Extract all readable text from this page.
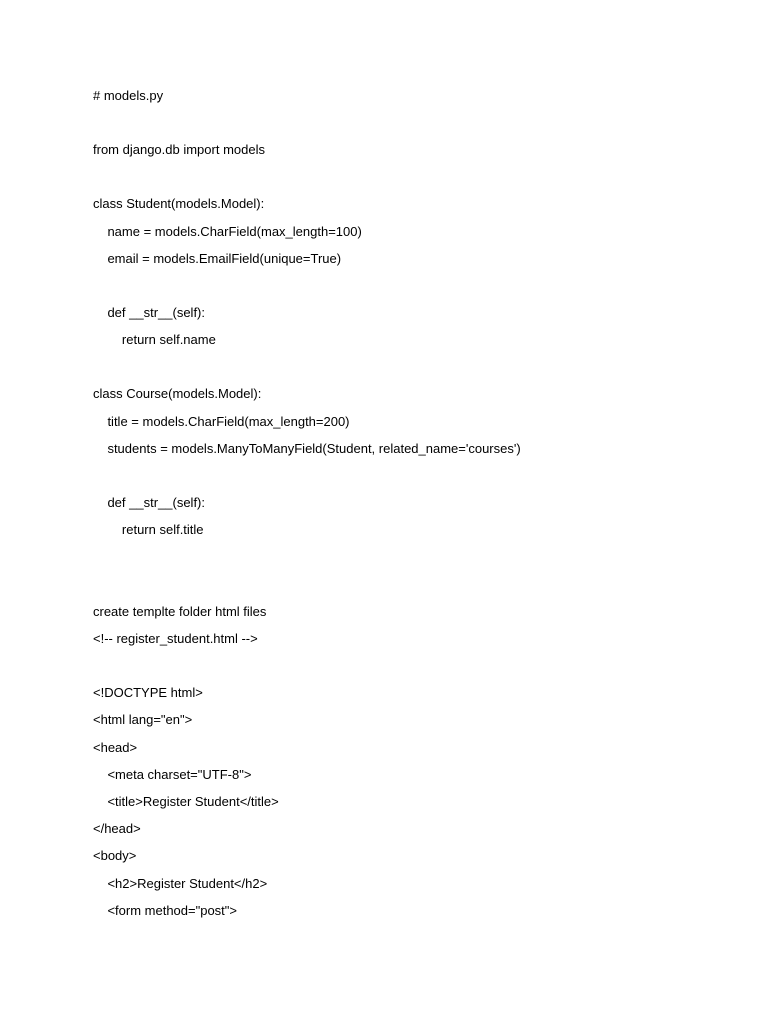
# models.py
from django.db import models
class Student(models.Model):
name = models.CharField(max_length=100)
email = models.EmailField(unique=True)
def __str__(self):
return self.name
class Course(models.Model):
title = models.CharField(max_length=200)
students = models.ManyToManyField(Student, related_name='courses')
def __str__(self):
return self.title
create templte folder html files
<!-- register_student.html -->
<!DOCTYPE html>
<html lang="en">
<head>
<meta charset="UTF-8">
<title>Register Student</title>
</head>
<body>
<h2>Register Student</h2>
<form method="post">
